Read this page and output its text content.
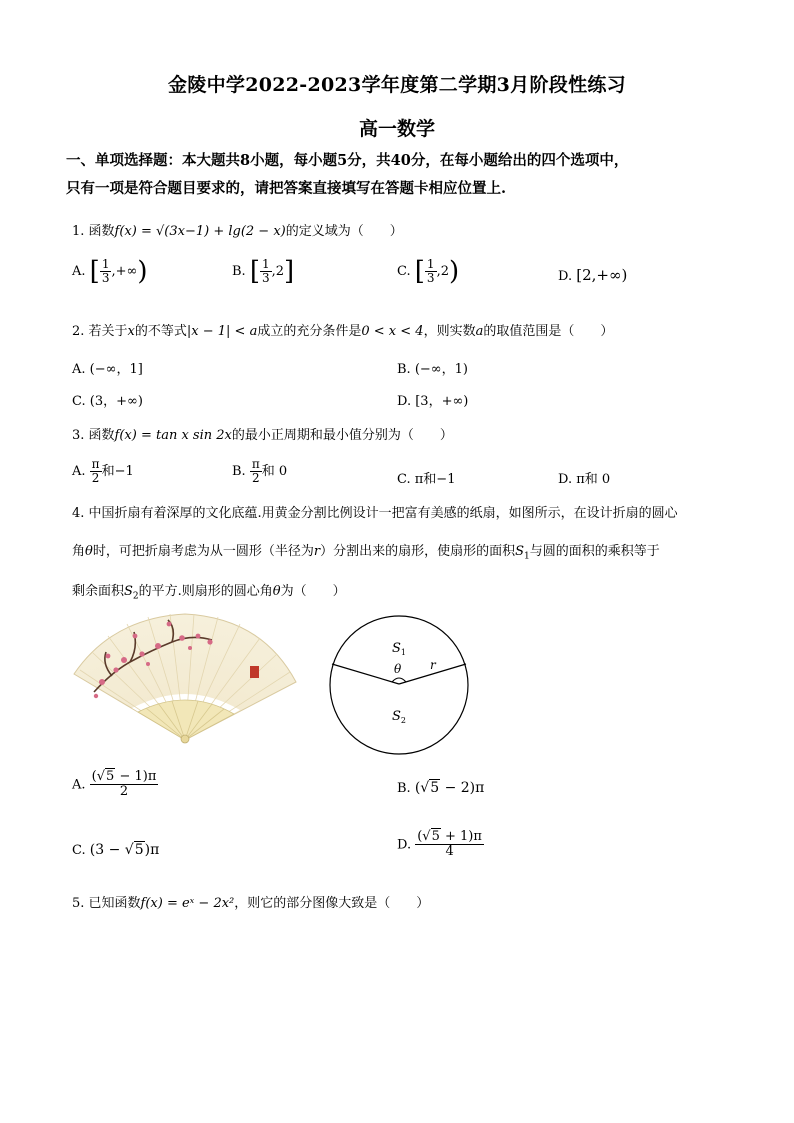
金陵中学2022-2023学年度第二学期3月阶段性练习
高一数学
一、单项选择题：本大题共8小题，每小题5分，共40分，在每小题给出的四个选项中，
只有一项是符合题目要求的，请把答案直接填写在答题卡相应位置上.
1. 函数f(x) = √(3x−1) + lg(2 − x)的定义域为（　　）
A. [ $\frac{1}{3}$ ,+∞)	B. [ $\frac{1}{3} ,2$]	C. [ $\frac{1}{3} ,2$)	D. [2,+∞)
2. 若关于x的不等式|x − 1| < a成立的充分条件是0 < x < 4，则实数a的取值范围是（　　）
A. (−∞，1]	B. (−∞，1)
C. (3，+∞)	D. [3，+∞)
3. 函数f(x) = tan x sin 2x的最小正周期和最小值分别为（　　）
A. $\frac{\pi}{2}$ 和−1	B. $\frac{\pi}{2}$ 和 0
C. π和−1	D. π和 0
4. 中国折扇有着深厚的文化底蕴.用黄金分割比例设计一把富有美感的纸扇，如图所示，在设计折扇的圆心
角θ时，可把折扇考虑为从一圆形（半径为r）分割出来的扇形，使扇形的面积$S_1$与圆的面积的乘积等于
剩余面积$S_2$的平方.则扇形的圆心角θ为（　　）
$S_1$
θ r
$S_2$
A. $\frac{(√5 - 1)\pi}{2}$	B. (√5 − 2)π
C. (3 − √5)π	D. $\frac{(√5 + 1)\pi}{4}$
5. 已知函数f(x) = eˣ − 2x²，则它的部分图像大致是（　　）
